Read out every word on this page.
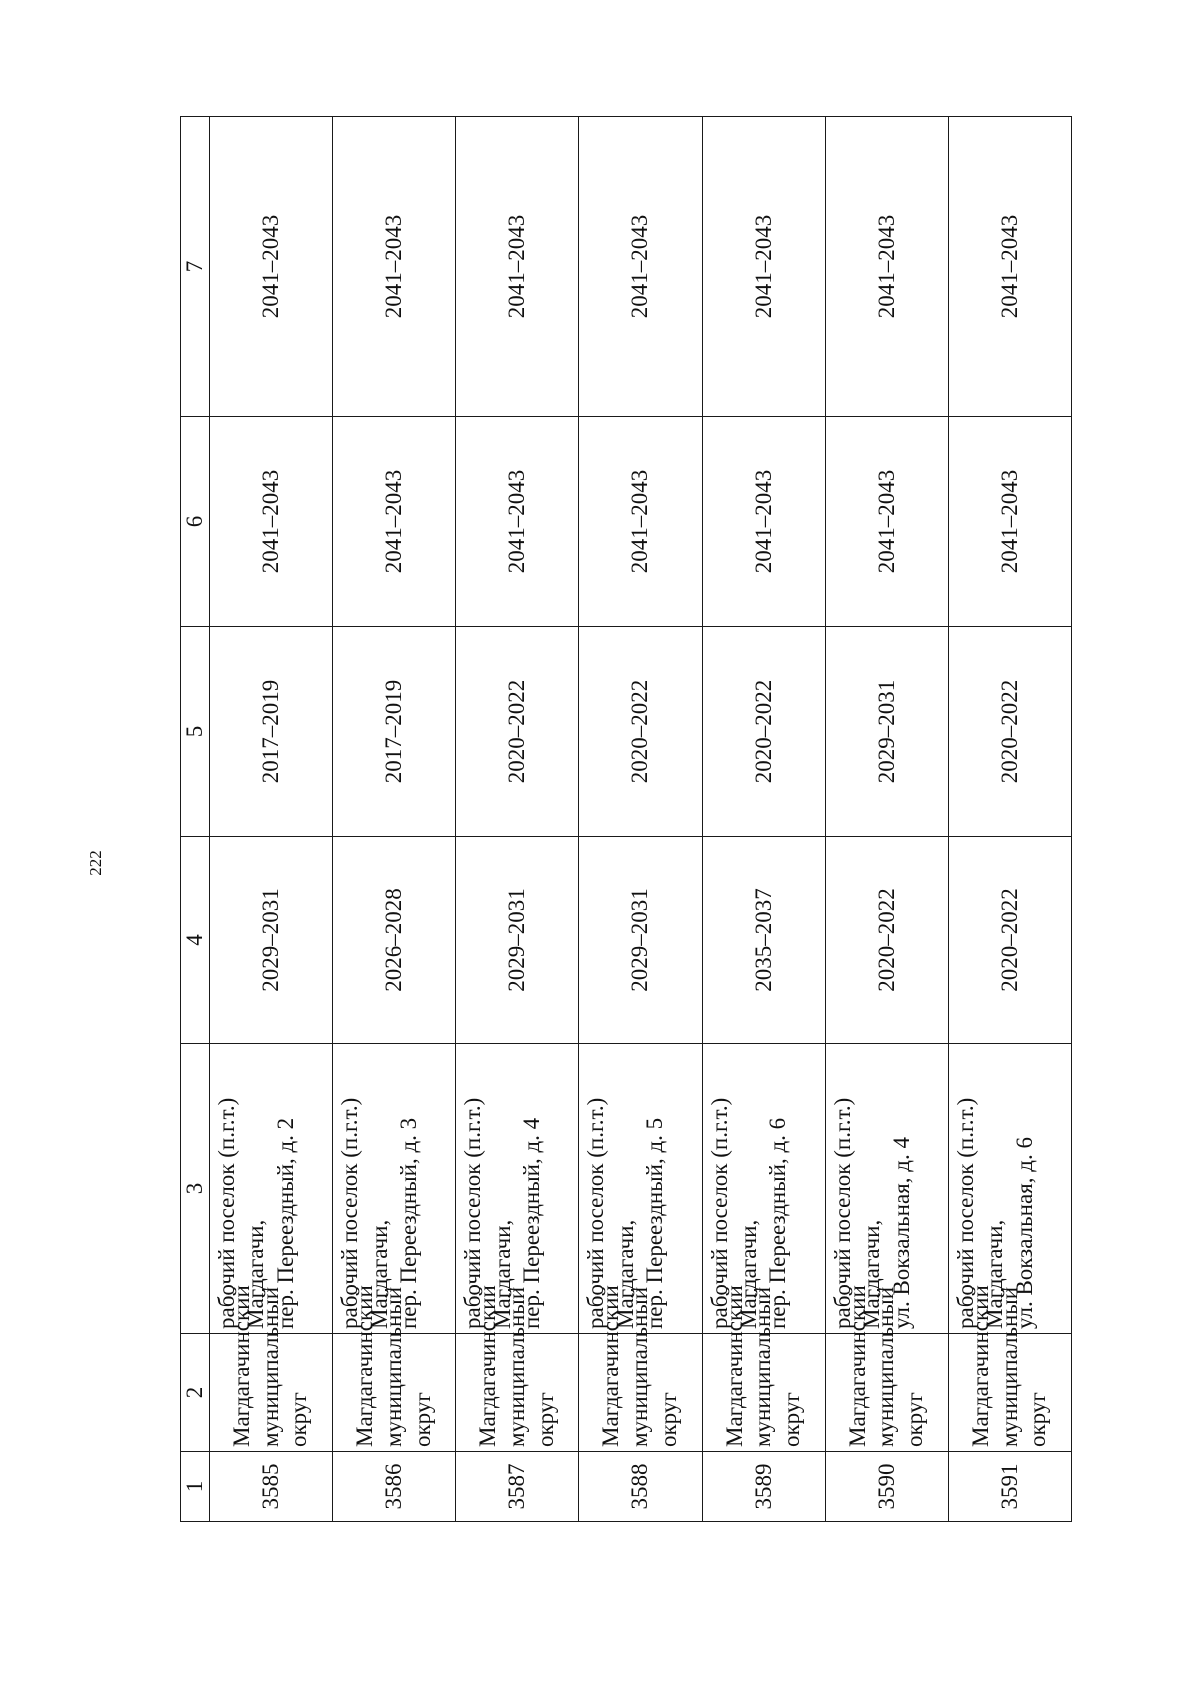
222
1	2	3	4	5	6	7
3585	Магдагачинский муниципальный округ	рабочий поселок (п.г.т.) Магдагачи, пер. Переездный, д. 2	2029–2031	2017–2019	2041–2043	2041–2043
3586	Магдагачинский муниципальный округ	рабочий поселок (п.г.т.) Магдагачи, пер. Переездный, д. 3	2026–2028	2017–2019	2041–2043	2041–2043
3587	Магдагачинский муниципальный округ	рабочий поселок (п.г.т.) Магдагачи, пер. Переездный, д. 4	2029–2031	2020–2022	2041–2043	2041–2043
3588	Магдагачинский муниципальный округ	рабочий поселок (п.г.т.) Магдагачи, пер. Переездный, д. 5	2029–2031	2020–2022	2041–2043	2041–2043
3589	Магдагачинский муниципальный округ	рабочий поселок (п.г.т.) Магдагачи, пер. Переездный, д. 6	2035–2037	2020–2022	2041–2043	2041–2043
3590	Магдагачинский муниципальный округ	рабочий поселок (п.г.т.) Магдагачи, ул. Вокзальная, д. 4	2020–2022	2029–2031	2041–2043	2041–2043
3591	Магдагачинский муниципальный округ	рабочий поселок (п.г.т.) Магдагачи, ул. Вокзальная, д. 6	2020–2022	2020–2022	2041–2043	2041–2043
